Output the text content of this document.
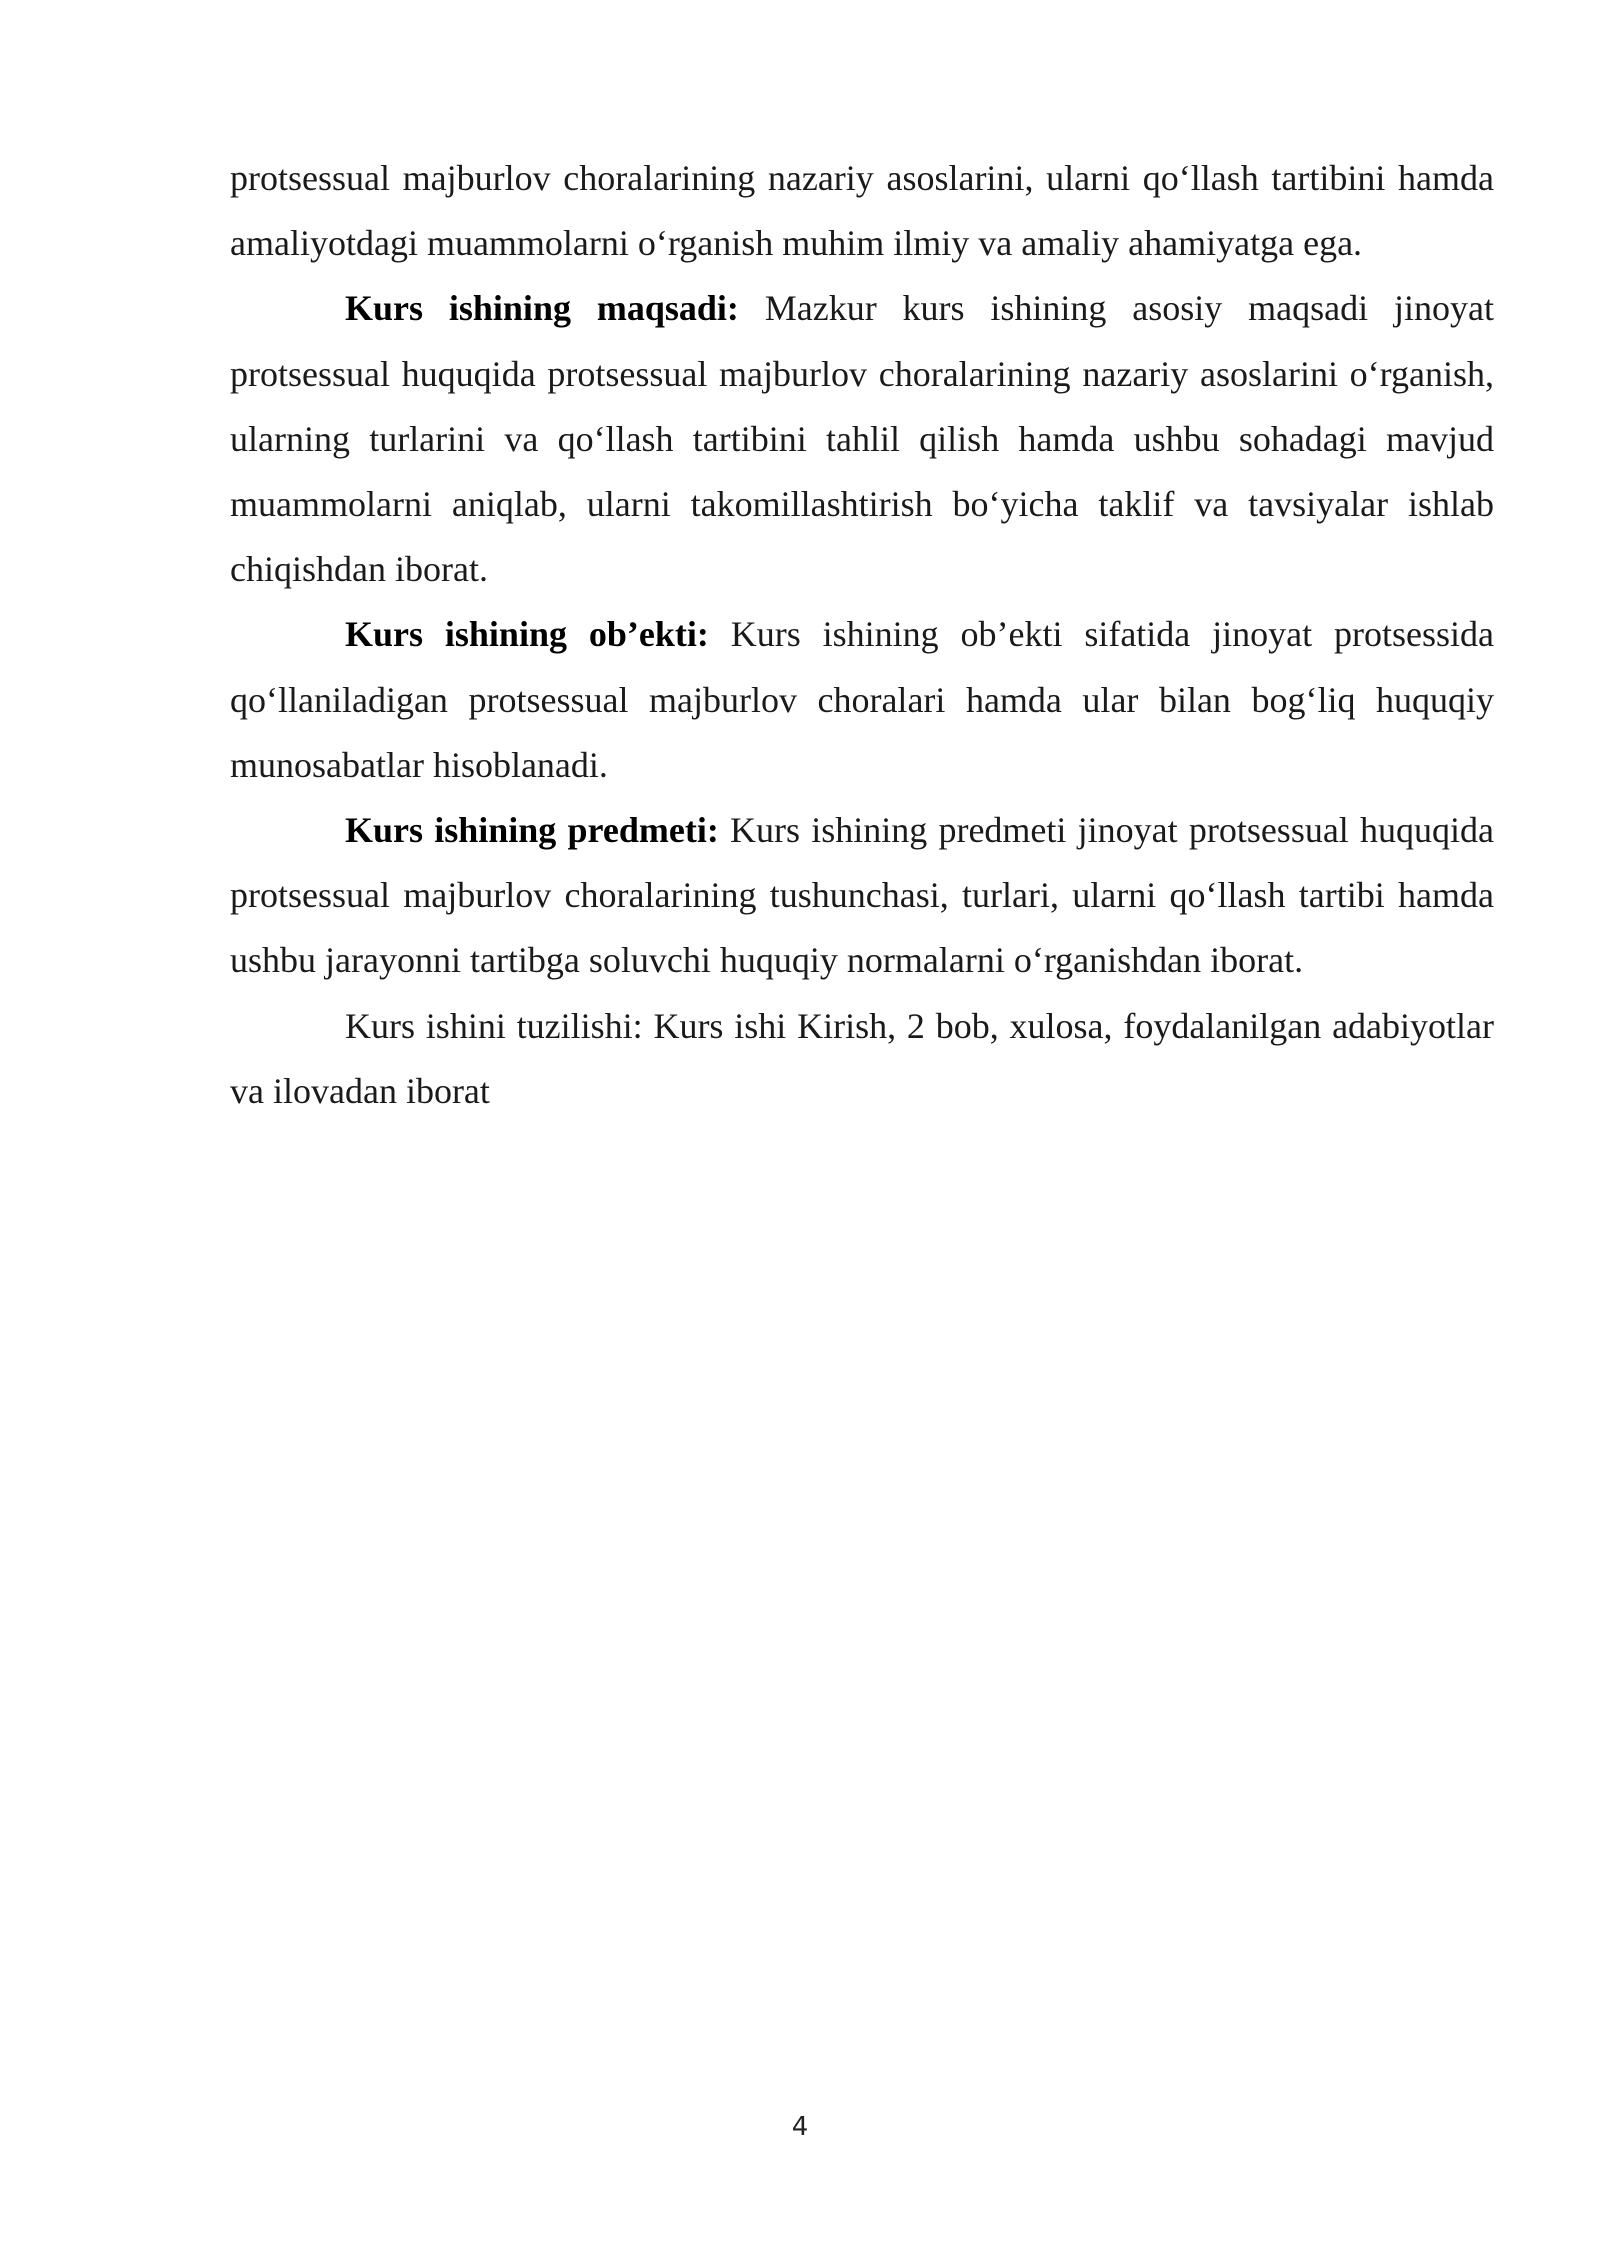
protsessual majburlov choralarining nazariy asoslarini, ularni qo‘llash tartibini hamda amaliyotdagi muammolarni o‘rganish muhim ilmiy va amaliy ahamiyatga ega.

Kurs ishining maqsadi: Mazkur kurs ishining asosiy maqsadi jinoyat protsessual huquqida protsessual majburlov choralarining nazariy asoslarini o‘rganish, ularning turlarini va qo‘llash tartibini tahlil qilish hamda ushbu sohadagi mavjud muammolarni aniqlab, ularni takomillashtirish bo‘yicha taklif va tavsiyalar ishlab chiqishdan iborat.

Kurs ishining ob’ekti: Kurs ishining ob’ekti sifatida jinoyat protsessida qo‘llaniladigan protsessual majburlov choralari hamda ular bilan bog‘liq huquqiy munosabatlar hisoblanadi.

Kurs ishining predmeti: Kurs ishining predmeti jinoyat protsessual huquqida protsessual majburlov choralarining tushunchasi, turlari, ularni qo‘llash tartibi hamda ushbu jarayonni tartibga soluvchi huquqiy normalarni o‘rganishdan iborat.

Kurs ishini tuzilishi: Kurs ishi Kirish, 2 bob, xulosa, foydalanilgan adabiyotlar va ilovadan iborat

4
